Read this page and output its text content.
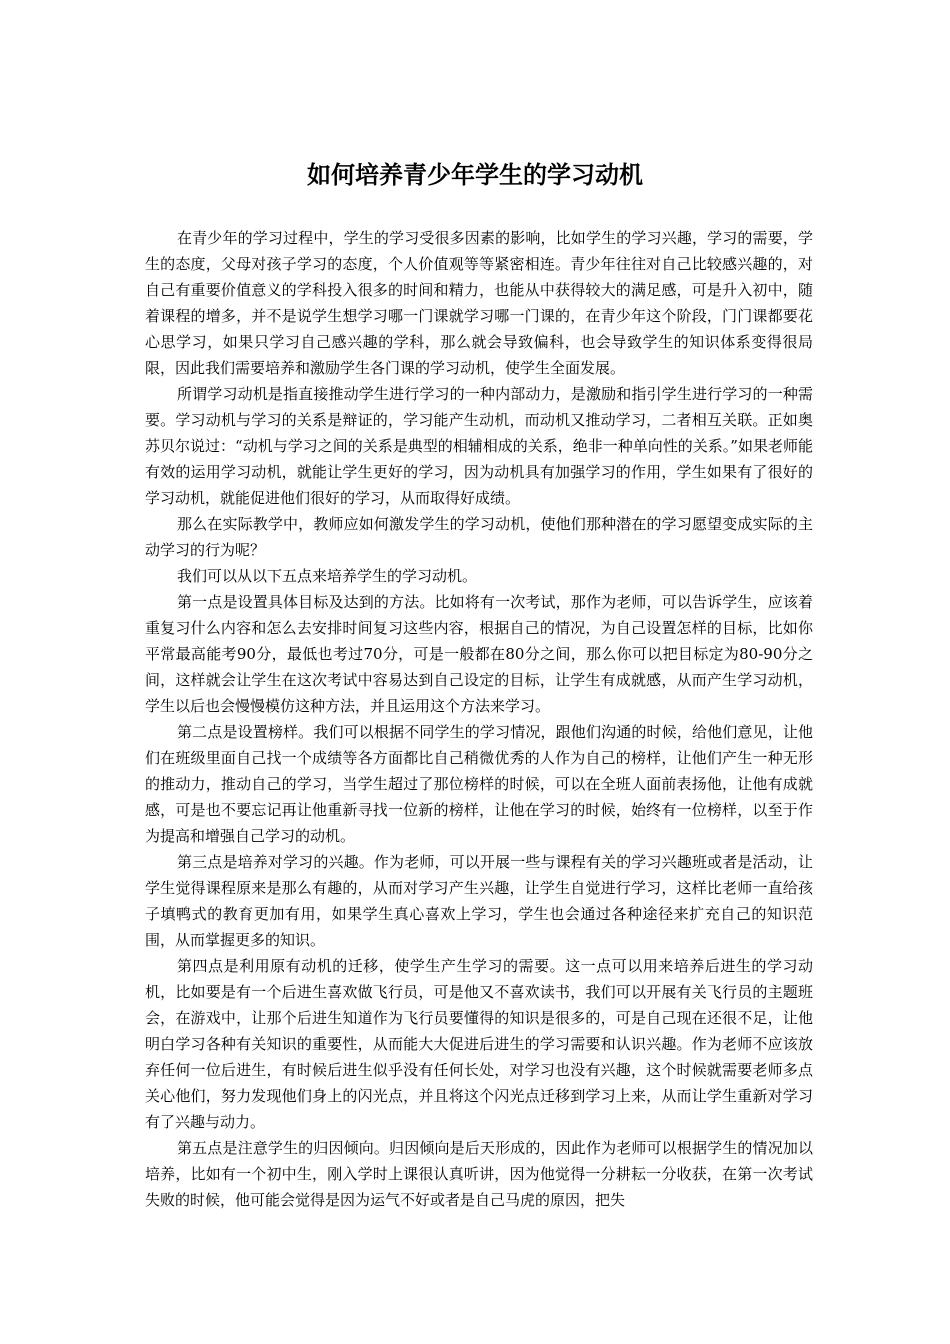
如何培养青少年学生的学习动机

在青少年的学习过程中，学生的学习受很多因素的影响，比如学生的学习兴趣，学习的需要，学生的态度，父母对孩子学习的态度，个人价值观等等紧密相连。青少年往往对自己比较感兴趣的，对自己有重要价值意义的学科投入很多的时间和精力，也能从中获得较大的满足感，可是升入初中，随着课程的增多，并不是说学生想学习哪一门课就学习哪一门课的，在青少年这个阶段，门门课都要花心思学习，如果只学习自己感兴趣的学科，那么就会导致偏科，也会导致学生的知识体系变得很局限，因此我们需要培养和激励学生各门课的学习动机，使学生全面发展。

所谓学习动机是指直接推动学生进行学习的一种内部动力，是激励和指引学生进行学习的一种需要。学习动机与学习的关系是辩证的，学习能产生动机，而动机又推动学习，二者相互关联。正如奥苏贝尔说过：“动机与学习之间的关系是典型的相辅相成的关系，绝非一种单向性的关系。”如果老师能有效的运用学习动机，就能让学生更好的学习，因为动机具有加强学习的作用，学生如果有了很好的学习动机，就能促进他们很好的学习，从而取得好成绩。

那么在实际教学中，教师应如何激发学生的学习动机，使他们那种潜在的学习愿望变成实际的主动学习的行为呢？

我们可以从以下五点来培养学生的学习动机。

第一点是设置具体目标及达到的方法。比如将有一次考试，那作为老师，可以告诉学生，应该着重复习什么内容和怎么去安排时间复习这些内容，根据自己的情况，为自己设置怎样的目标，比如你平常最高能考90分，最低也考过70分，可是一般都在80分之间，那么你可以把目标定为80-90分之间，这样就会让学生在这次考试中容易达到自己设定的目标，让学生有成就感，从而产生学习动机，学生以后也会慢慢模仿这种方法，并且运用这个方法来学习。

第二点是设置榜样。我们可以根据不同学生的学习情况，跟他们沟通的时候，给他们意见，让他们在班级里面自己找一个成绩等各方面都比自己稍微优秀的人作为自己的榜样，让他们产生一种无形的推动力，推动自己的学习，当学生超过了那位榜样的时候，可以在全班人面前表扬他，让他有成就感，可是也不要忘记再让他重新寻找一位新的榜样，让他在学习的时候，始终有一位榜样，以至于作为提高和增强自己学习的动机。

第三点是培养对学习的兴趣。作为老师，可以开展一些与课程有关的学习兴趣班或者是活动，让学生觉得课程原来是那么有趣的，从而对学习产生兴趣，让学生自觉进行学习，这样比老师一直给孩子填鸭式的教育更加有用，如果学生真心喜欢上学习，学生也会通过各种途径来扩充自己的知识范围，从而掌握更多的知识。

第四点是利用原有动机的迁移，使学生产生学习的需要。这一点可以用来培养后进生的学习动机，比如要是有一个后进生喜欢做飞行员，可是他又不喜欢读书，我们可以开展有关飞行员的主题班会，在游戏中，让那个后进生知道作为飞行员要懂得的知识是很多的，可是自己现在还很不足，让他明白学习各种有关知识的重要性，从而能大大促进后进生的学习需要和认识兴趣。作为老师不应该放弃任何一位后进生，有时候后进生似乎没有任何长处，对学习也没有兴趣，这个时候就需要老师多点关心他们，努力发现他们身上的闪光点，并且将这个闪光点迁移到学习上来，从而让学生重新对学习有了兴趣与动力。

第五点是注意学生的归因倾向。归因倾向是后天形成的，因此作为老师可以根据学生的情况加以培养，比如有一个初中生，刚入学时上课很认真听讲，因为他觉得一分耕耘一分收获，在第一次考试失败的时候，他可能会觉得是因为运气不好或者是自己马虎的原因，把失
